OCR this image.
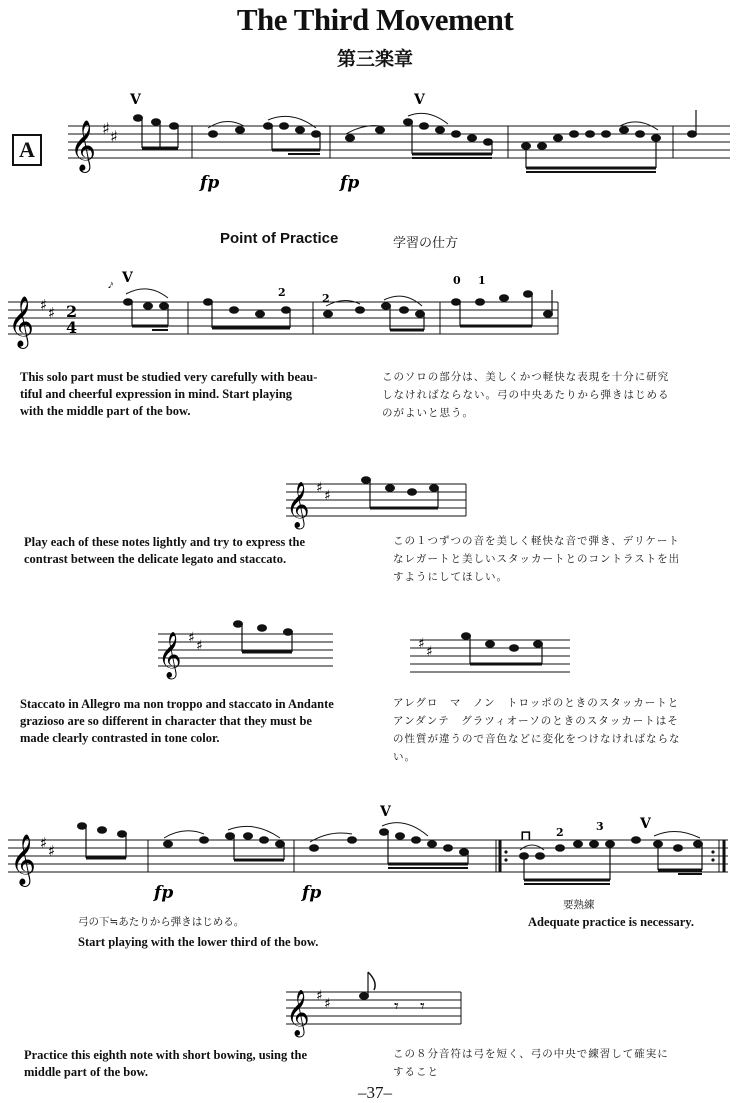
The Third Movement
第三楽章
A 𝄞 ♯ ♯
V	V
fp	fp
Point of Practice	学習の仕方
𝄞 ♯ ♯ 2
4
𝆔 V
2	2
0 1
This solo part must be studied very carefully with beau-
tiful and cheerful expression in mind. Start playing
with the middle part of the bow.
このソロの部分は、美しくかつ軽快な表現を十分に研究
しなければならない。弓の中央あたりから弾きはじめる
のがよいと思う。
𝄞 ♯ ♯
Play each of these notes lightly and try to express the
contrast between the delicate legato and staccato.
この１つずつの音を美しく軽快な音で弾き、デリケート
なレガートと美しいスタッカートとのコントラストを出
すようにしてほしい。
𝄞 ♯ ♯	♯ ♯
Staccato in Allegro ma non troppo and staccato in Andante
grazioso are so different in character that they must be
made clearly contrasted in tone color.
アレグロ　マ　ノン　トロッポのときのスタッカートと
アンダンテ　グラツィオーソのときのスタッカートはそ
の性質が違うので音色などに変化をつけなければならな
い。
𝄞 ♯ ♯
V
V
⊓ 2	3
fp	fp
弓の下≒あたりから弾きはじめる。
Start playing with the lower third of the bow.
要熟練
Adequate practice is necessary.
𝄞 ♯ ♯	𝄾 𝄾
Practice this eighth note with short bowing, using the
middle part of the bow.
この８分音符は弓を短く、弓の中央で練習して確実に
すること
–37–
